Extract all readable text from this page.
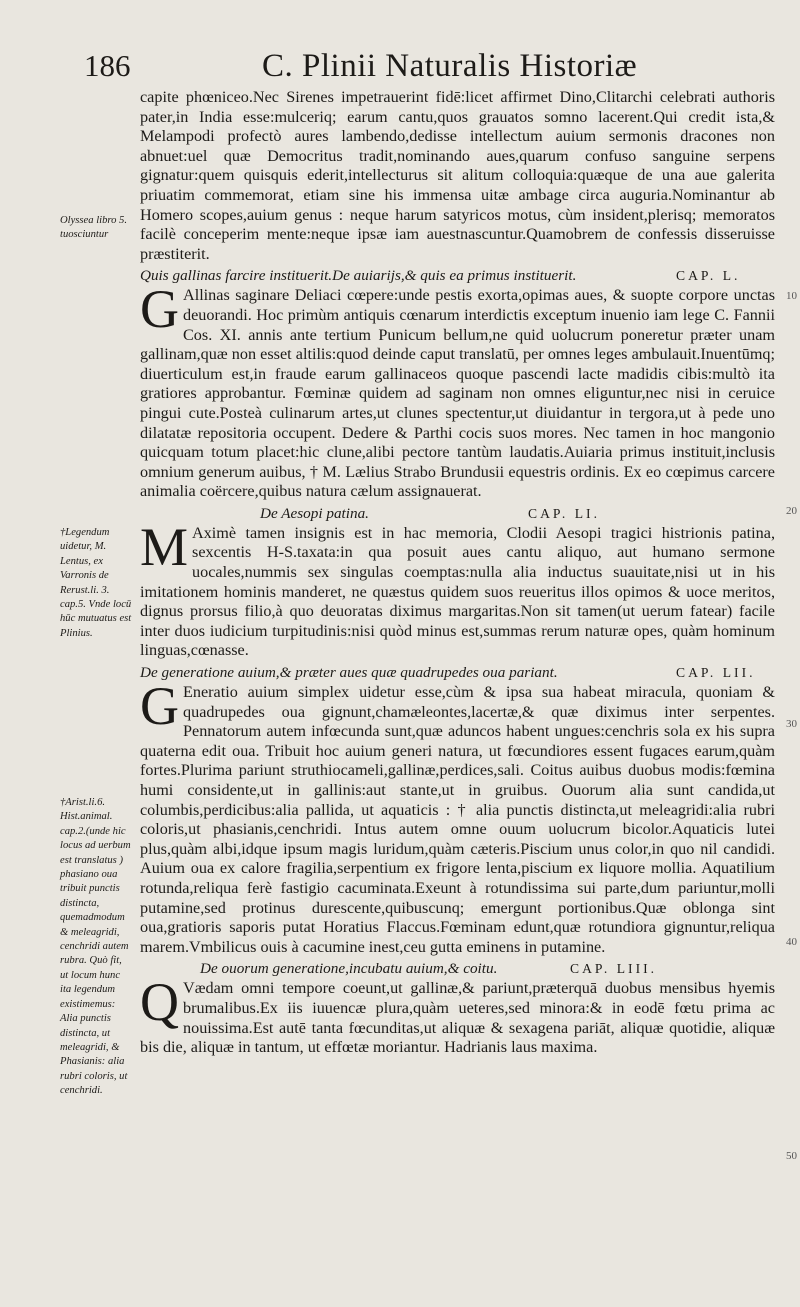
186	C. Plinii Naturalis Historiæ

capite phœniceo.Nec Sirenes impetrauerint fidē:licet affirmet Dino,Clitarchi celebrati authoris pater,in India esse:mulceriq; earum cantu,quos grauatos somno lacerent.Qui credit ista,& Melampodi profectò aures lambendo,dedisse intellectum auium sermonis dracones non abnuet:uel quæ Democritus tradit,nominando aues,quarum confuso sanguine serpens gignatur:quem quisquis ederit,intellecturus sit alitum colloquia:quæque de una aue galerita priuatim commemorat, etiam sine his immensa uitæ ambage circa auguria.Nominantur ab Homero scopes,auium genus : neque harum satyricos motus, cùm insident,plerisq; memoratos facilè conceperim mente:neque ipsæ iam auestnascuntur.Quamobrem de confessis disseruisse præstiterit.

Quis gallinas farcire instituerit.De auiarijs,& quis ea primus instituerit.	CAP. L.

G Allinas saginare Deliaci cœpere:unde pestis exorta,opimas aues, & suopte corpore unctas deuorandi. Hoc primùm antiquis cœnarum interdictis exceptum inuenio iam lege C. Fannii Cos. XI. annis ante tertium Punicum bellum,ne quid uolucrum poneretur præter unam gallinam,quæ non esset altilis:quod deinde caput translatū, per omnes leges ambulauit.Inuentūmq; diuerticulum est,in fraude earum gallinaceos quoque pascendi lacte madidis cibis:multò ita gratiores approbantur. Fœminæ quidem ad saginam non omnes eliguntur,nec nisi in ceruice pingui cute.Posteà culinarum artes,ut clunes spectentur,ut diuidantur in tergora,ut à pede uno dilatatæ repositoria occupent. Dedere & Parthi cocis suos mores. Nec tamen in hoc mangonio quicquam totum placet:hic clune,alibi pectore tantùm laudatis.Auiaria primus instituit,inclusis omnium generum auibus, † M. Lælius Strabo Brundusii equestris ordinis. Ex eo cœpimus carcere animalia coërcere,quibus natura cælum assignauerat.

De Aesopi patina.	CAP. LI.

M Aximè tamen insignis est in hac memoria, Clodii Aesopi tragici histrionis patina, sexcentis H-S.taxata:in qua posuit aues cantu aliquo, aut humano sermone uocales,nummis sex singulas coemptas:nulla alia inductus suauitate,nisi ut in his imitationem hominis manderet, ne quæstus quidem suos reueritus illos opimos & uoce meritos, dignus prorsus filio,à quo deuoratas diximus margaritas.Non sit tamen(ut uerum fatear) facile inter duos iudicium turpitudinis:nisi quòd minus est,summas rerum naturæ opes, quàm hominum linguas,cœnasse.

De generatione auium,& præter aues quæ quadrupedes oua pariant.	CAP. LII.

G Eneratio auium simplex uidetur esse,cùm & ipsa sua habeat miracula, quoniam & quadrupedes oua gignunt,chamæleontes,lacertæ,& quæ diximus inter serpentes. Pennatorum autem infœcunda sunt,quæ aduncos habent ungues:cenchris sola ex his supra quaterna edit oua. Tribuit hoc auium generi natura, ut fœcundiores essent fugaces earum,quàm fortes.Plurima pariunt struthiocameli,gallinæ,perdices,sali. Coitus auibus duobus modis:fœmina humi considente,ut in gallinis:aut stante,ut in gruibus. Ouorum alia sunt candida,ut columbis,perdicibus:alia pallida, ut aquaticis : † alia punctis distincta,ut meleagridi:alia rubri coloris,ut phasianis,cenchridi. Intus autem omne ouum uolucrum bicolor.Aquaticis lutei plus,quàm albi,idque ipsum magis luridum,quàm cæteris.Piscium unus color,in quo nil candidi. Auium oua ex calore fragilia,serpentium ex frigore lenta,piscium ex liquore mollia. Aquatilium rotunda,reliqua ferè fastigio cacuminata.Exeunt à rotundissima sui parte,dum pariuntur,molli putamine,sed protinus durescente,quibuscunq; emergunt portionibus.Quæ oblonga sint oua,gratioris saporis putat Horatius Flaccus.Fœminam edunt,quæ rotundiora gignuntur,reliqua marem.Vmbilicus ouis à cacumine inest,ceu gutta eminens in putamine.

De ouorum generatione,incubatu auium,& coitu.	CAP. LIII.

Q Vædam omni tempore coeunt,ut gallinæ,& pariunt,præterquā duobus mensibus hyemis brumalibus.Ex iis iuuencæ plura,quàm ueteres,sed minora:& in eodē fœtu prima ac nouissima.Est autē tanta fœcunditas,ut aliquæ & sexagena pariāt, aliquæ quotidie, aliquæ bis die, aliquæ in tantum, ut effœtæ moriantur. Hadrianis laus maxima.

Olyssea libro 5. tuosciuntur
†Legendum uidetur, M. Lentus, ex Varronis de Rerust.li. 3. cap.5. Vnde locū hūc mutuatus est Plinius.
†Arist.li.6. Hist.animal. cap.2.(unde hic locus ad uerbum est translatus ) phasiano oua tribuit punctis distincta, quemadmodum & meleagridi, cenchridi autem rubra. Quò fit, ut locum hunc ita legendum existimemus: Alia punctis distincta, ut meleagridi, & Phasianis: alia rubri coloris, ut cenchridi.
10
20
30
40
50
